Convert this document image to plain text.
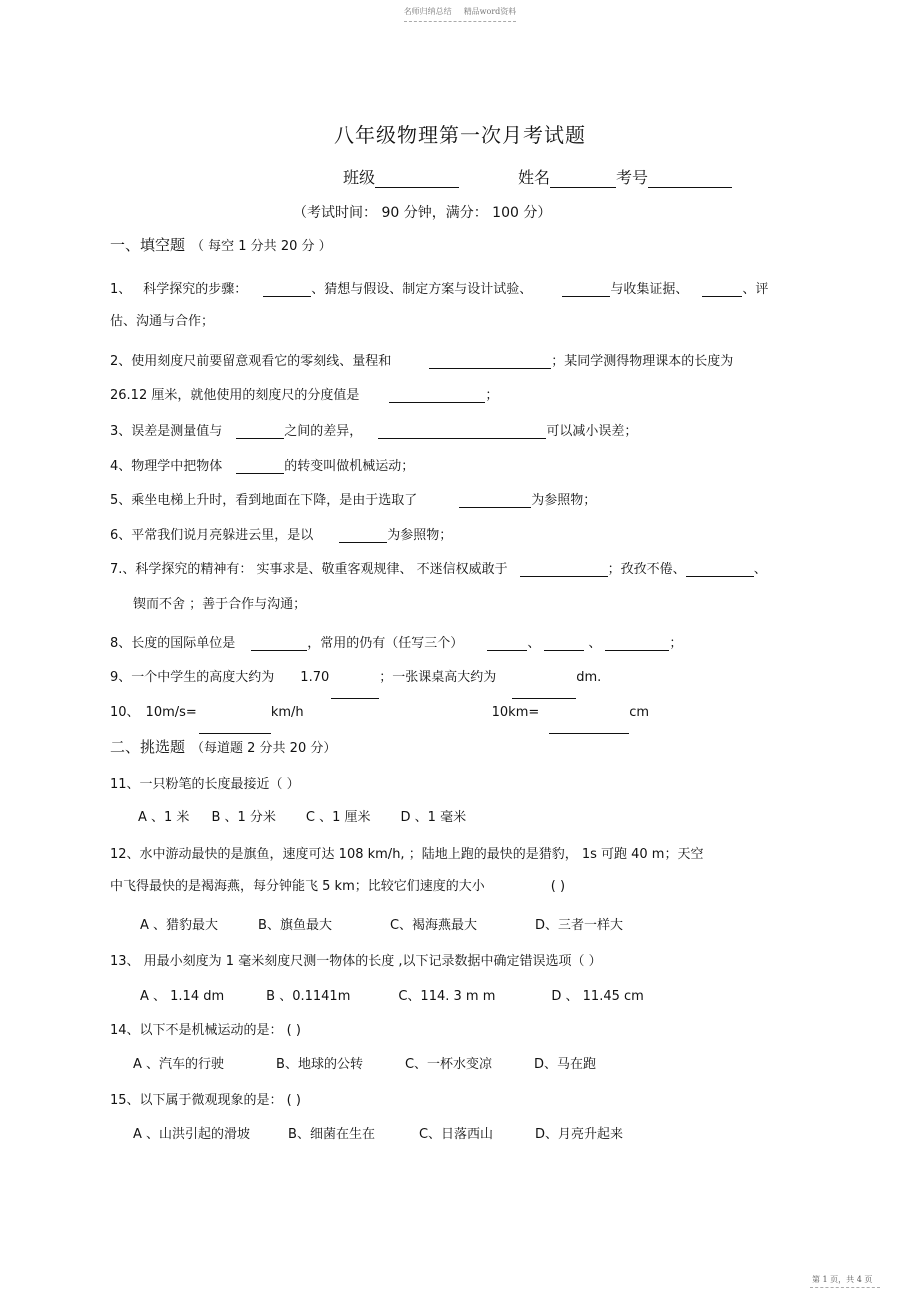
名师归纳总结 精品word资料
八年级物理第一次月考试题
班级	姓名	考号
（考试时间： 90 分钟，满分： 100 分）
一、填空题 （ 每空 1 分共 20 分 ）
1、 科学探究的步骤：	、猜想与假设、制定方案与设计试验、	与收集证据、	、评
估、沟通与合作；
2、使用刻度尺前要留意观看它的零刻线、量程和	；某同学测得物理课本的长度为
26.12 厘米，就他使用的刻度尺的分度值是	；
3、误差是测量值与	之间的差异，	可以减小误差；
4、物理学中把物体	的转变叫做机械运动；
5、乘坐电梯上升时，看到地面在下降，是由于选取了	为参照物；
6、平常我们说月亮躲进云里，是以	为参照物；
7.、科学探究的精神有： 实事求是、敬重客观规律、 不迷信权威敢于	；孜孜不倦、	、
锲而不舍 ；善于合作与沟通；
8、长度的国际单位是	，常用的仍有（任写三个）	、	、	；
9、一个中学生的高度大约为 1.70	；一张课桌高大约为	dm.
10、 10m/s=	km/h	10km=	cm
二、挑选题 （每道题 2 分共 20 分）
11、一只粉笔的长度最接近（ ）
A 、1 米 B 、1 分米 C 、1 厘米 D 、1 毫米
12、水中游动最快的是旗鱼，速度可达 108 km/h, ；陆地上跑的最快的是猎豹， 1s 可跑 40 m；天空
中飞得最快的是褐海燕，每分钟能飞 5 km；比较它们速度的大小	( )
A 、猎豹最大	B、旗鱼最大	C、褐海燕最大	D、三者一样大
13、 用最小刻度为 1 毫米刻度尺测一物体的长度 ,以下记录数据中确定错误选项（ ）
A 、 1.14 dm	B 、0.1141m	C、114. 3 m m	D 、 11.45 cm
14、以下不是机械运动的是： ( )
A 、汽车的行驶	B、地球的公转	C、一杯水变凉	D、马在跑
15、以下属于微观现象的是： ( )
A 、山洪引起的滑坡	B、细菌在生在	C、日落西山	D、月亮升起来
第 1 页，共 4 页
